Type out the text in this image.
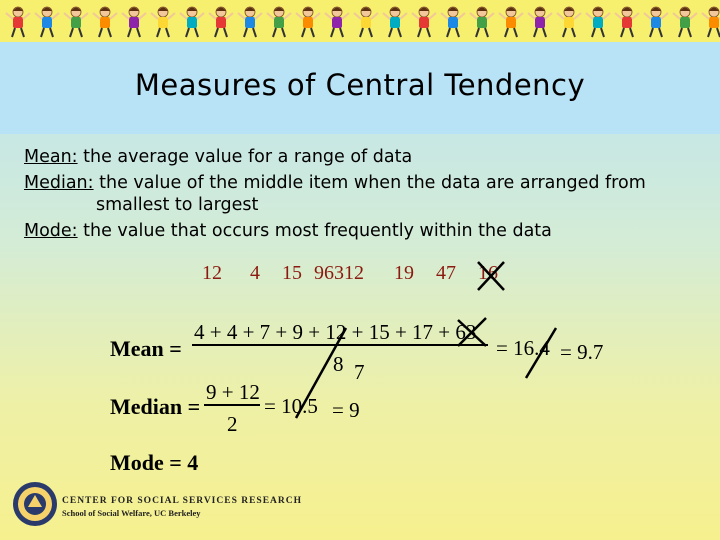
Measures of Central Tendency
Mean: the average value for a range of data
Median: the value of the middle item when the data are arranged from
smallest to largest
Mode: the value that occurs most frequently within the data
12 4 15 96312 19 47 16
Mean =
4 + 4 + 7 + 9 + 12 + 15 + 17 + 63
8
= 16.4
7
= 9.7
Median =
9 + 12
2
= 10.5 = 9
Mode = 4
CENTER FOR SOCIAL SERVICES RESEARCH
School of Social Welfare, UC Berkeley
